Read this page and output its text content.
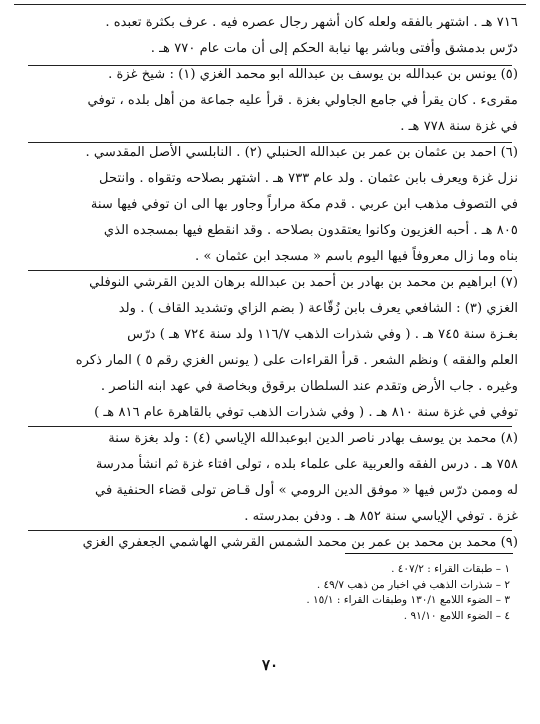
٧١٦ هـ . اشتهر بالفقه ولعله كان أشهر رجال عصره فيه . عرف بكثرة تعبده .
درّس بدمشق وأفتى وباشر بها نيابة الحكم إلى أن مات عام ٧٧٠ هـ .
(٥) يونس بن عبدالله بن يوسف بن عبدالله ابو محمد الغزي (١) : شيخ غزة .
مقرىء . كان يقرأ في جامع الجاولي بغزة . قرأ عليه جماعة من أهل بلده ، توفي
في غزة سنة ٧٧٨ هـ .
(٦) احمد بن عثمان بن عمر بن عبدالله الحنبلي (٢) . النابلسي الأصل المقدسي .
نزل غزة ويعرف بابن عثمان . ولد عام ٧٣٣ هـ . اشتهر بصلاحه وتقواه . وانتحل
في التصوف مذهب ابن عربي . قدم مكة مراراً وجاور بها الى ان توفي فيها سنة
٨٠٥ هـ . أحبه الغزيون وكانوا يعتقدون بصلاحه . وقد انقطع فيها بمسجده الذي
بناه وما زال معروفاً فيها اليوم باسم « مسجد ابن عثمان » .
(٧) ابراهيم بن محمد بن بهادر بن أحمد بن عبدالله برهان الدين القرشي النوفلي
الغزي (٣) : الشافعي يعرف بابن زُقّاعة ( بضم الزاي وتشديد القاف ) . ولد
بغـزة سنة ٧٤٥ هـ . ( وفي شذرات الذهب ١١٦/٧ ولد سنة ٧٢٤ هـ ) درّس
العلم والفقه ) ونظم الشعر . قرأ القراءات على ( يونس الغزي رقم ٥ ) المار ذكره
وغيره . جاب الأرض وتقدم عند السلطان برقوق وبخاصة في عهد ابنه الناصر .
توفي في غزة سنة ٨١٠ هـ . ( وفي شذرات الذهب توفي بالقاهرة عام ٨١٦ هـ )
(٨) محمد بن يوسف بهادر ناصر الدين ابوعبدالله الإياسي (٤) : ولد بغزة سنة
٧٥٨ هـ . درس الفقه والعربية على علماء بلده ، تولى افتاء غزة ثم انشأ مدرسة
له وممن درّس فيها « موفق الدين الرومي » أول قـاض تولى قضاء الحنفية في
غزة . توفي الإياسي سنة ٨٥٢ هـ . ودفن بمدرسته .
(٩) محمد بن محمد بن عمر بن محمد الشمس القرشي الهاشمي الجعفري الغزي
١ – طبقات القراء : ٤٠٧/٢ .
٢ – شذرات الذهب في اخبار من ذهب ٤٩/٧ .
٣ – الضوء اللامع ١٣٠/١ وطبقات القراء : ١٥/١ .
٤ – الضوء اللامع ٩١/١٠ .
٧٠
